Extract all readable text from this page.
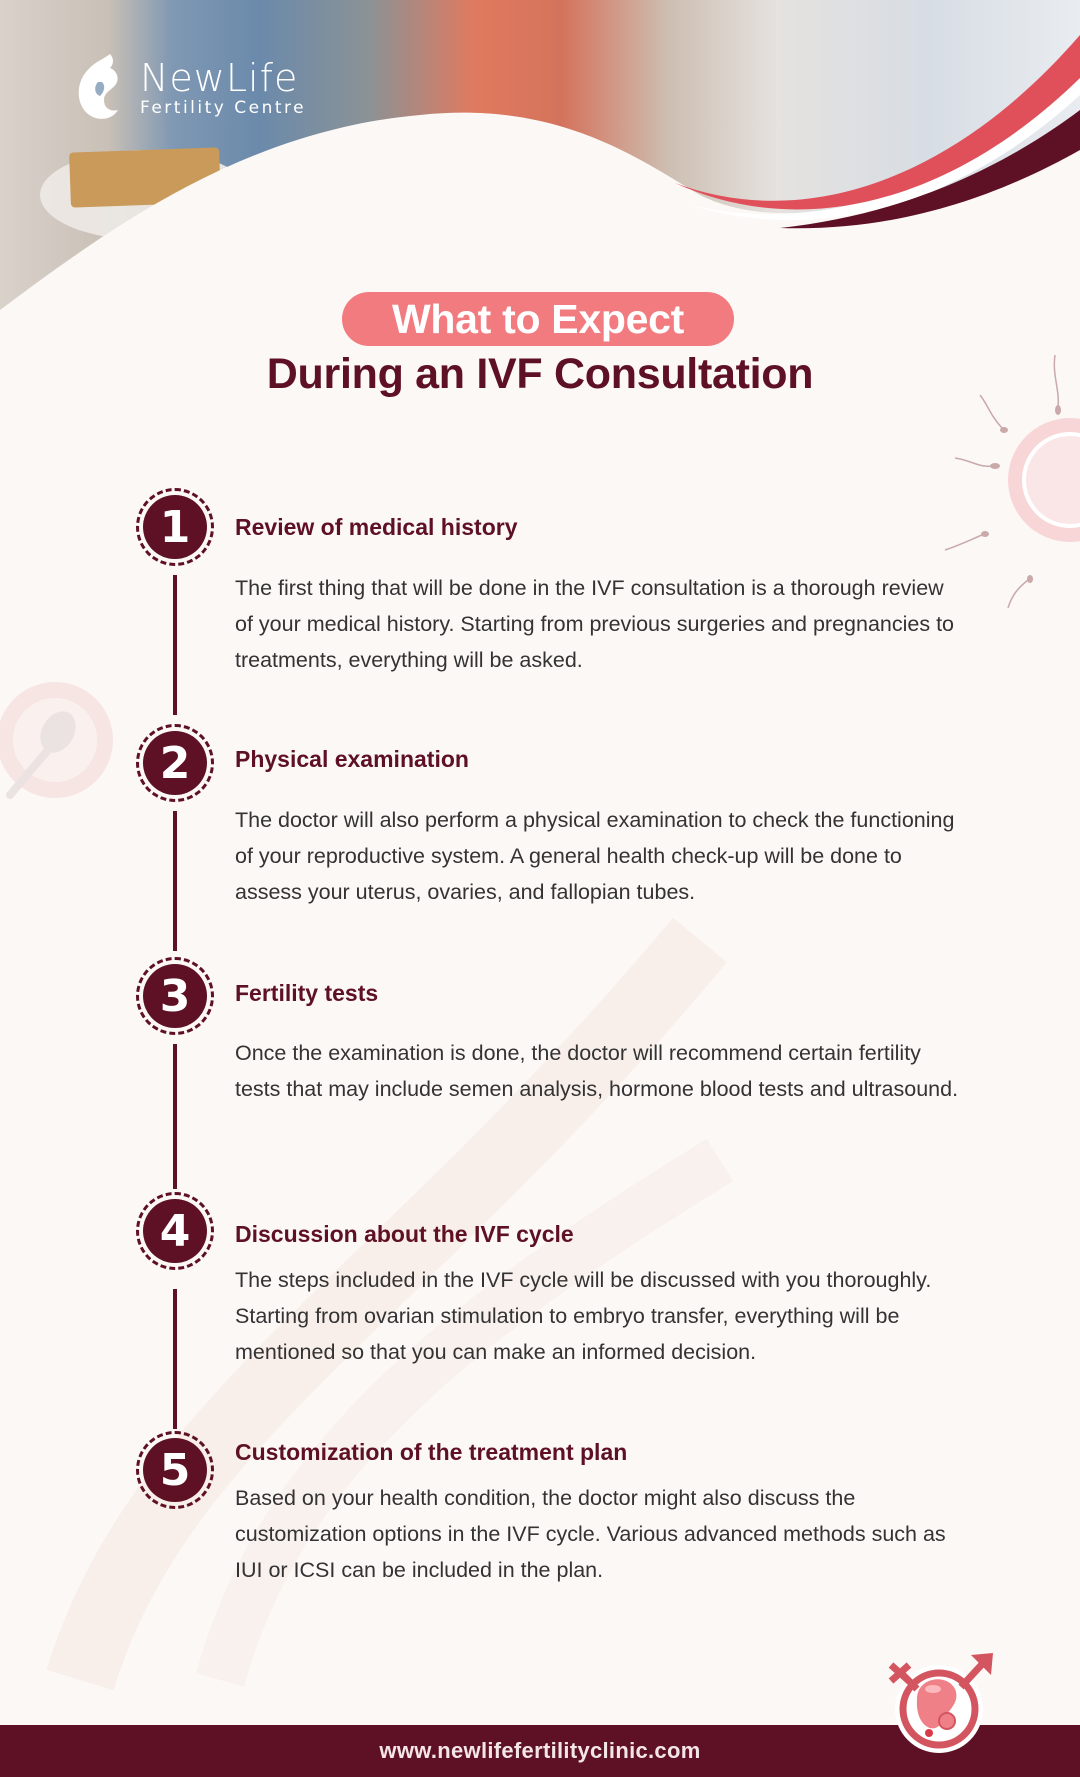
NewLife
Fertility Centre
What to Expect
During an IVF Consultation
1	Review of medical history
The first thing that will be done in the IVF consultation is a thorough review of your medical history. Starting from previous surgeries and pregnancies to treatments, everything will be asked.
2	Physical examination
The doctor will also perform a physical examination to check the functioning of your reproductive system. A general health check-up will be done to assess your uterus, ovaries, and fallopian tubes.
3	Fertility tests
Once the examination is done, the doctor will recommend certain fertility tests that may include semen analysis, hormone blood tests and ultrasound.
4	Discussion about the IVF cycle
The steps included in the IVF cycle will be discussed with you thoroughly. Starting from ovarian stimulation to embryo transfer, everything will be mentioned so that you can make an informed decision.
5	Customization of the treatment plan
Based on your health condition, the doctor might also discuss the customization options in the IVF cycle. Various advanced methods such as IUI or ICSI can be included in the plan.
www.newlifefertilityclinic.com
